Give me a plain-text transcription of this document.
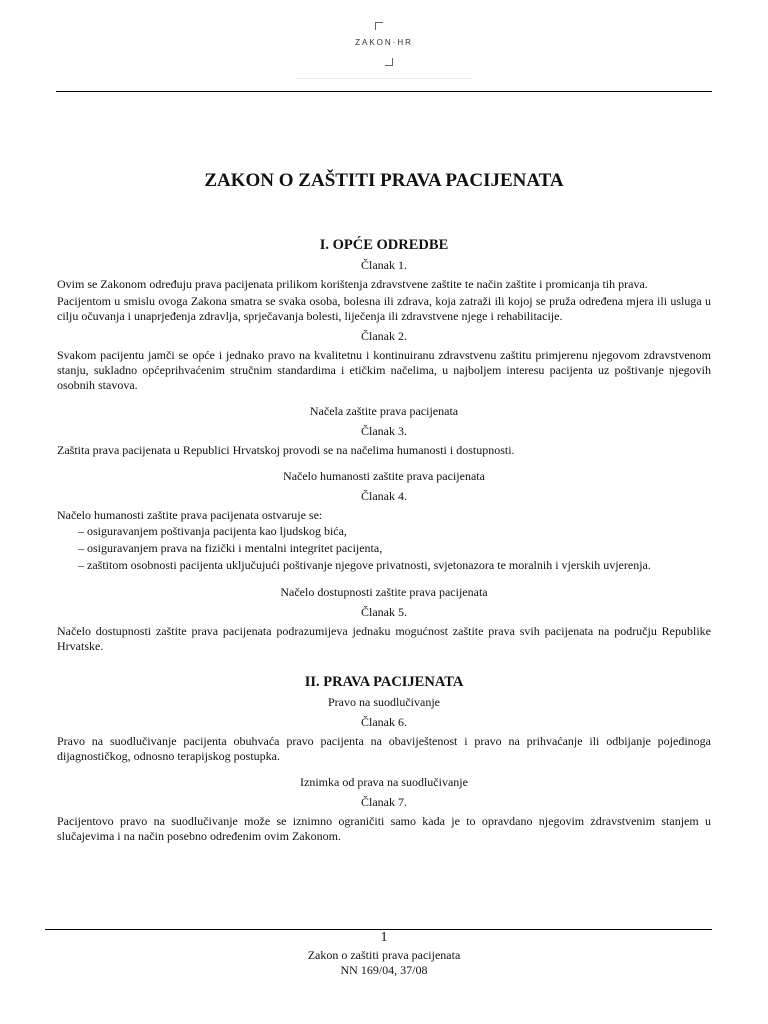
ZAKON·HR
ZAKON O ZAŠTITI PRAVA PACIJENATA
I. OPĆE ODREDBE

Članak 1.

Ovim se Zakonom određuju prava pacijenata prilikom korištenja zdravstvene zaštite te način zaštite i promicanja tih prava.

Pacijentom u smislu ovoga Zakona smatra se svaka osoba, bolesna ili zdrava, koja zatraži ili kojoj se pruža određena mjera ili usluga u cilju očuvanja i unaprjeđenja zdravlja, sprječavanja bolesti, liječenja ili zdravstvene njege i rehabilitacije.

Članak 2.

Svakom pacijentu jamči se opće i jednako pravo na kvalitetnu i kontinuiranu zdravstvenu zaštitu primjerenu njegovom zdravstvenom stanju, sukladno općeprihvaćenim stručnim standardima i etičkim načelima, u najboljem interesu pacijenta uz poštivanje njegovih osobnih stavova.

Načela zaštite prava pacijenata

Članak 3.

Zaštita prava pacijenata u Republici Hrvatskoj provodi se na načelima humanosti i dostupnosti.

Načelo humanosti zaštite prava pacijenata

Članak 4.

Načelo humanosti zaštite prava pacijenata ostvaruje se:

– osiguravanjem poštivanja pacijenta kao ljudskog bića,
– osiguravanjem prava na fizički i mentalni integritet pacijenta,
– zaštitom osobnosti pacijenta uključujući poštivanje njegove privatnosti, svjetonazora te moralnih i vjerskih uvjerenja.

Načelo dostupnosti zaštite prava pacijenata

Članak 5.

Načelo dostupnosti zaštite prava pacijenata podrazumijeva jednaku mogućnost zaštite prava svih pacijenata na području Republike Hrvatske.

II. PRAVA PACIJENATA

Pravo na suodlučivanje

Članak 6.

Pravo na suodlučivanje pacijenta obuhvaća pravo pacijenta na obaviještenost i pravo na prihvaćanje ili odbijanje pojedinoga dijagnostičkog, odnosno terapijskog postupka.

Iznimka od prava na suodlučivanje

Članak 7.

Pacijentovo pravo na suodlučivanje može se iznimno ograničiti samo kada je to opravdano njegovim zdravstvenim stanjem u slučajevima i na način posebno određenim ovim Zakonom.

1
Zakon o zaštiti prava pacijenata
NN 169/04, 37/08
